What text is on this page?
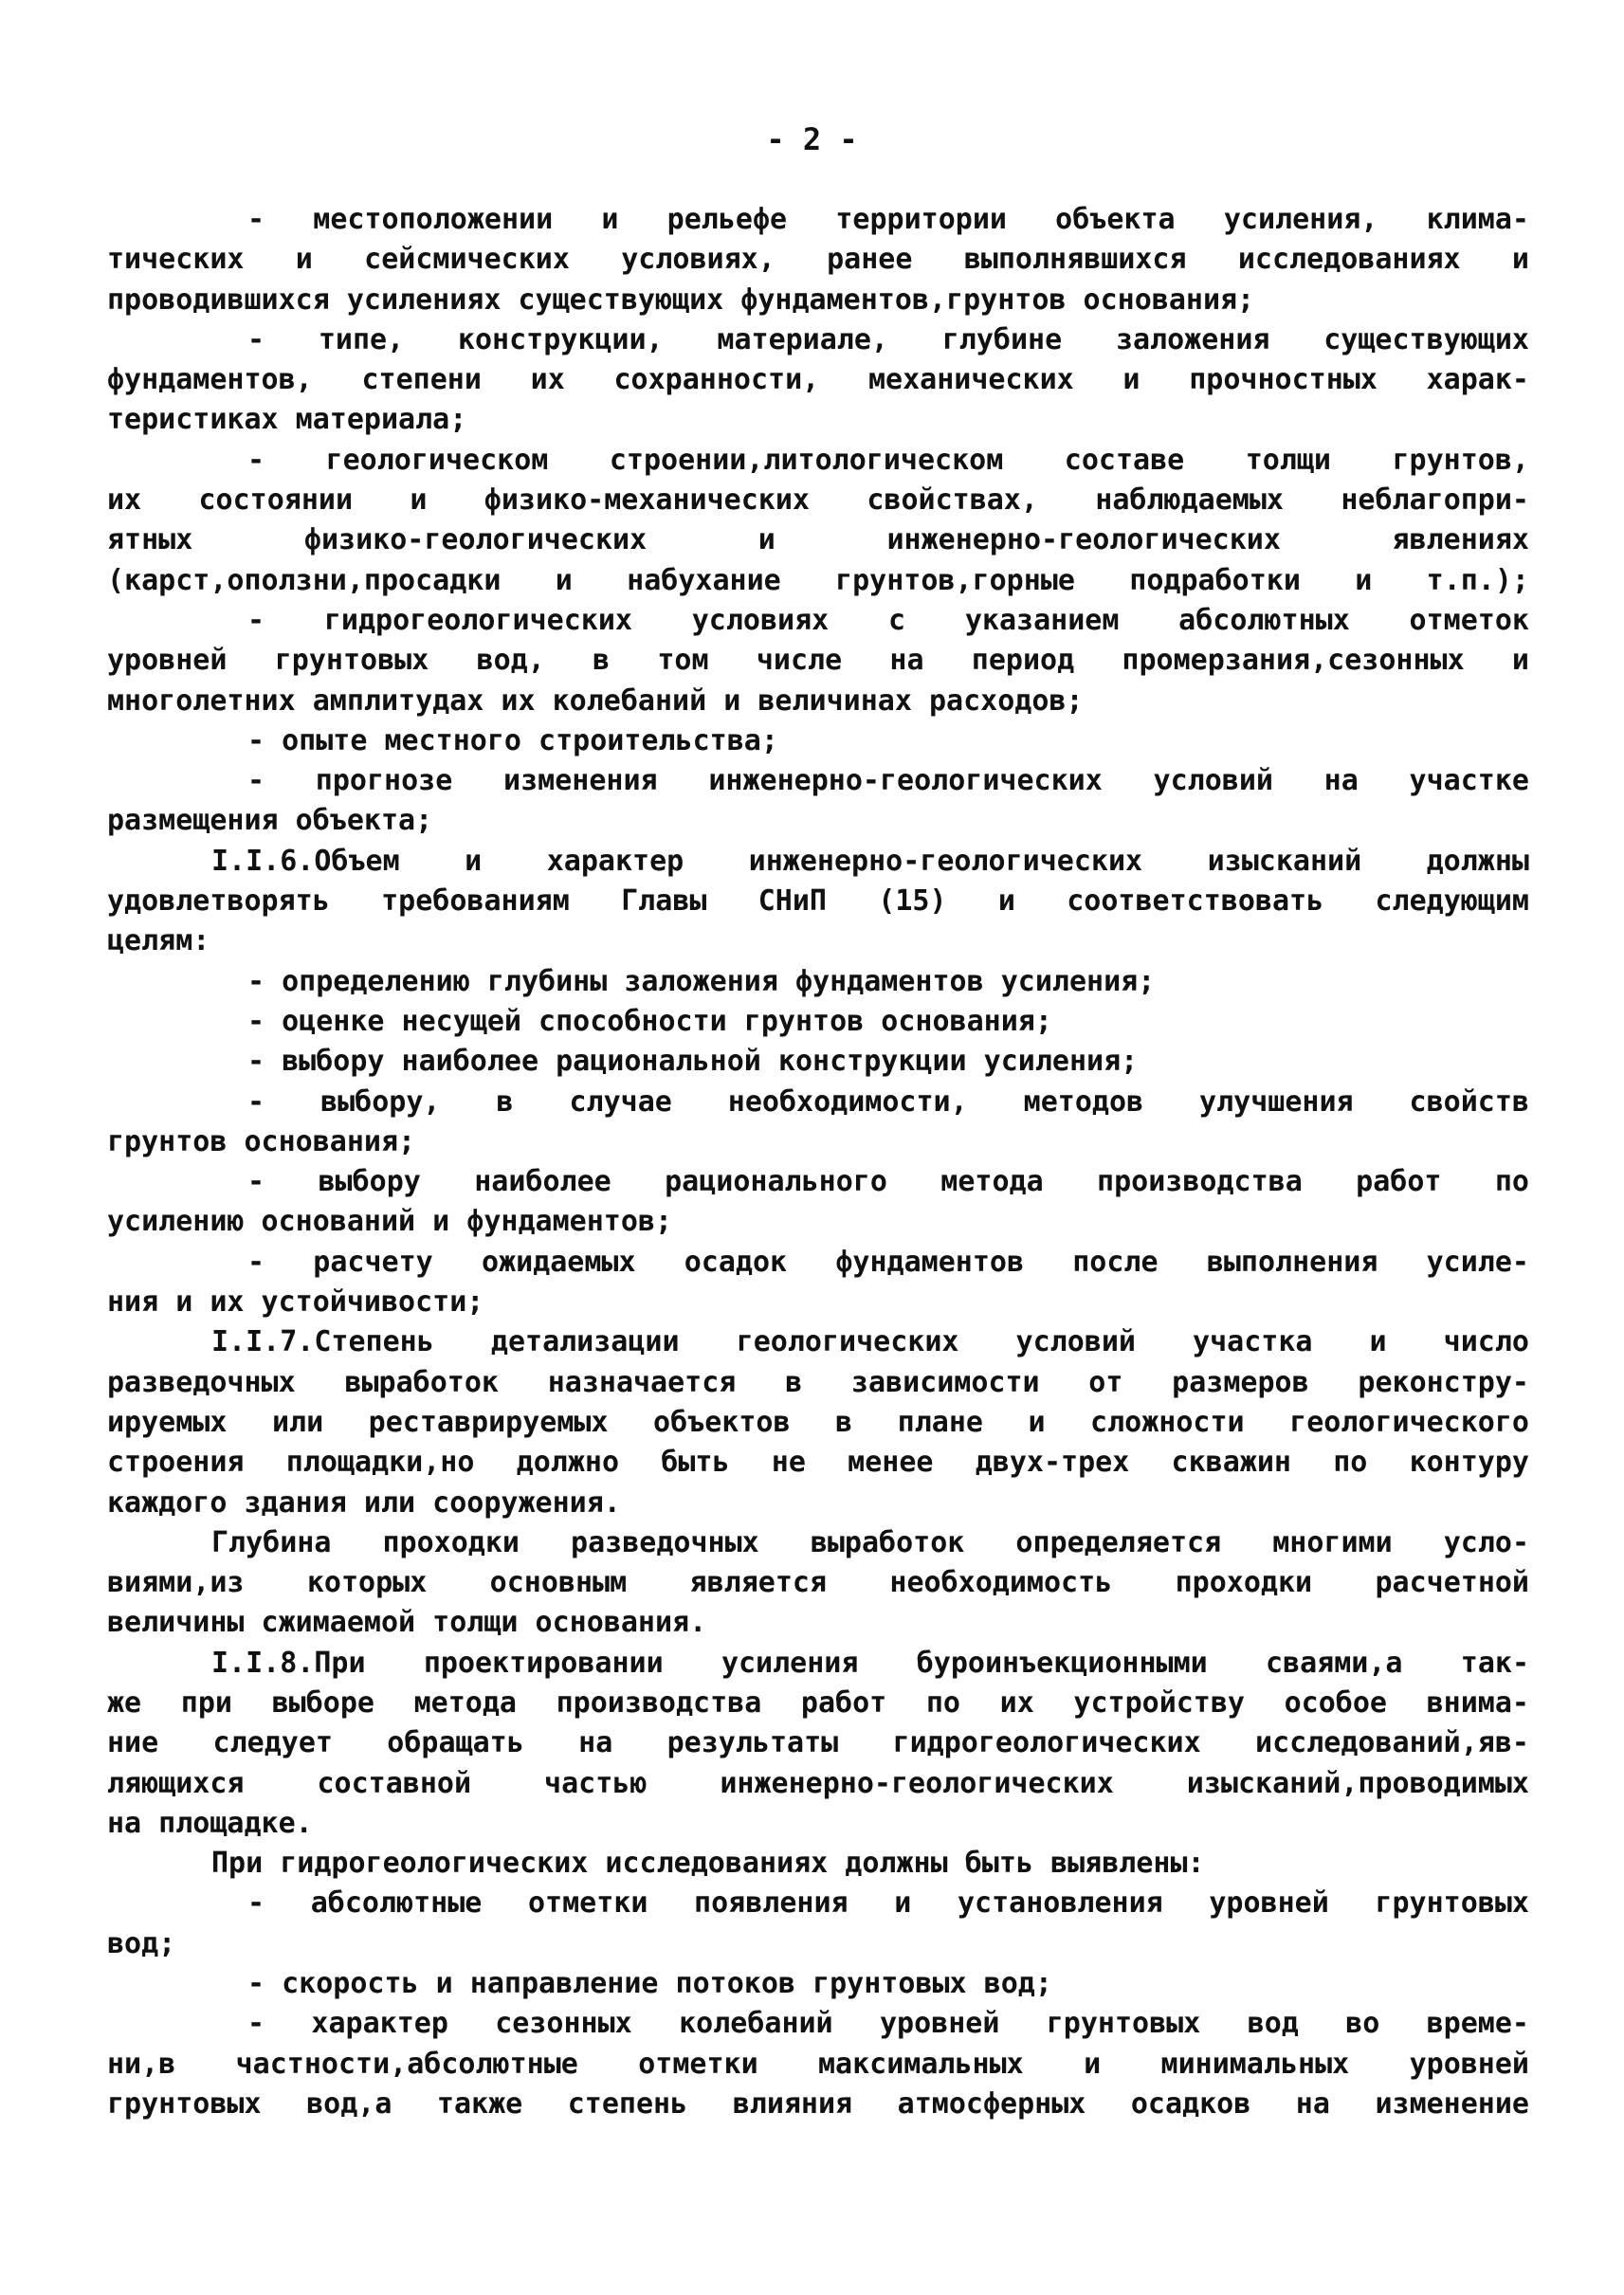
- 2 -
- местоположении и рельефе территории объекта усиления, клима-
тических и сейсмических условиях, ранее выполнявшихся исследованиях и
проводившихся усилениях существующих фундаментов,грунтов основания;
- типе, конструкции, материале, глубине заложения существующих
фундаментов, степени их сохранности, механических и прочностных харак-
теристиках материала;
- геологическом строении,литологическом составе толщи грунтов,
их состоянии и физико-механических свойствах, наблюдаемых неблагопри-
ятных физико-геологических и инженерно-геологических явлениях
(карст,оползни,просадки и набухание грунтов,горные подработки и т.п.);
- гидрогеологических условиях с указанием абсолютных отметок
уровней грунтовых вод, в том числе на период промерзания,сезонных и
многолетних амплитудах их колебаний и величинах расходов;
- опыте местного строительства;
- прогнозе изменения инженерно-геологических условий на участке
размещения объекта;
I.I.6.Объем и характер инженерно-геологических изысканий должны
удовлетворять требованиям Главы СНиП (15) и соответствовать следующим
целям:
- определению глубины заложения фундаментов усиления;
- оценке несущей способности грунтов основания;
- выбору наиболее рациональной конструкции усиления;
- выбору, в случае необходимости, методов улучшения свойств
грунтов основания;
- выбору наиболее рационального метода производства работ по
усилению оснований и фундаментов;
- расчету ожидаемых осадок фундаментов после выполнения усиле-
ния и их устойчивости;
I.I.7.Степень детализации геологических условий участка и число
разведочных выработок назначается в зависимости от размеров реконстру-
ируемых или реставрируемых объектов в плане и сложности геологического
строения площадки,но должно быть не менее двух-трех скважин по контуру
каждого здания или сооружения.
Глубина проходки разведочных выработок определяется многими усло-
виями,из которых основным является необходимость проходки расчетной
величины сжимаемой толщи основания.
I.I.8.При проектировании усиления буроинъекционными сваями,а так-
же при выборе метода производства работ по их устройству особое внима-
ние следует обращать на результаты гидрогеологических исследований,яв-
ляющихся составной частью инженерно-геологических изысканий,проводимых
на площадке.
При гидрогеологических исследованиях должны быть выявлены:
- абсолютные отметки появления и установления уровней грунтовых
вод;
- скорость и направление потоков грунтовых вод;
- характер сезонных колебаний уровней грунтовых вод во време-
ни,в частности,абсолютные отметки максимальных и минимальных уровней
грунтовых вод,а также степень влияния атмосферных осадков на изменение
